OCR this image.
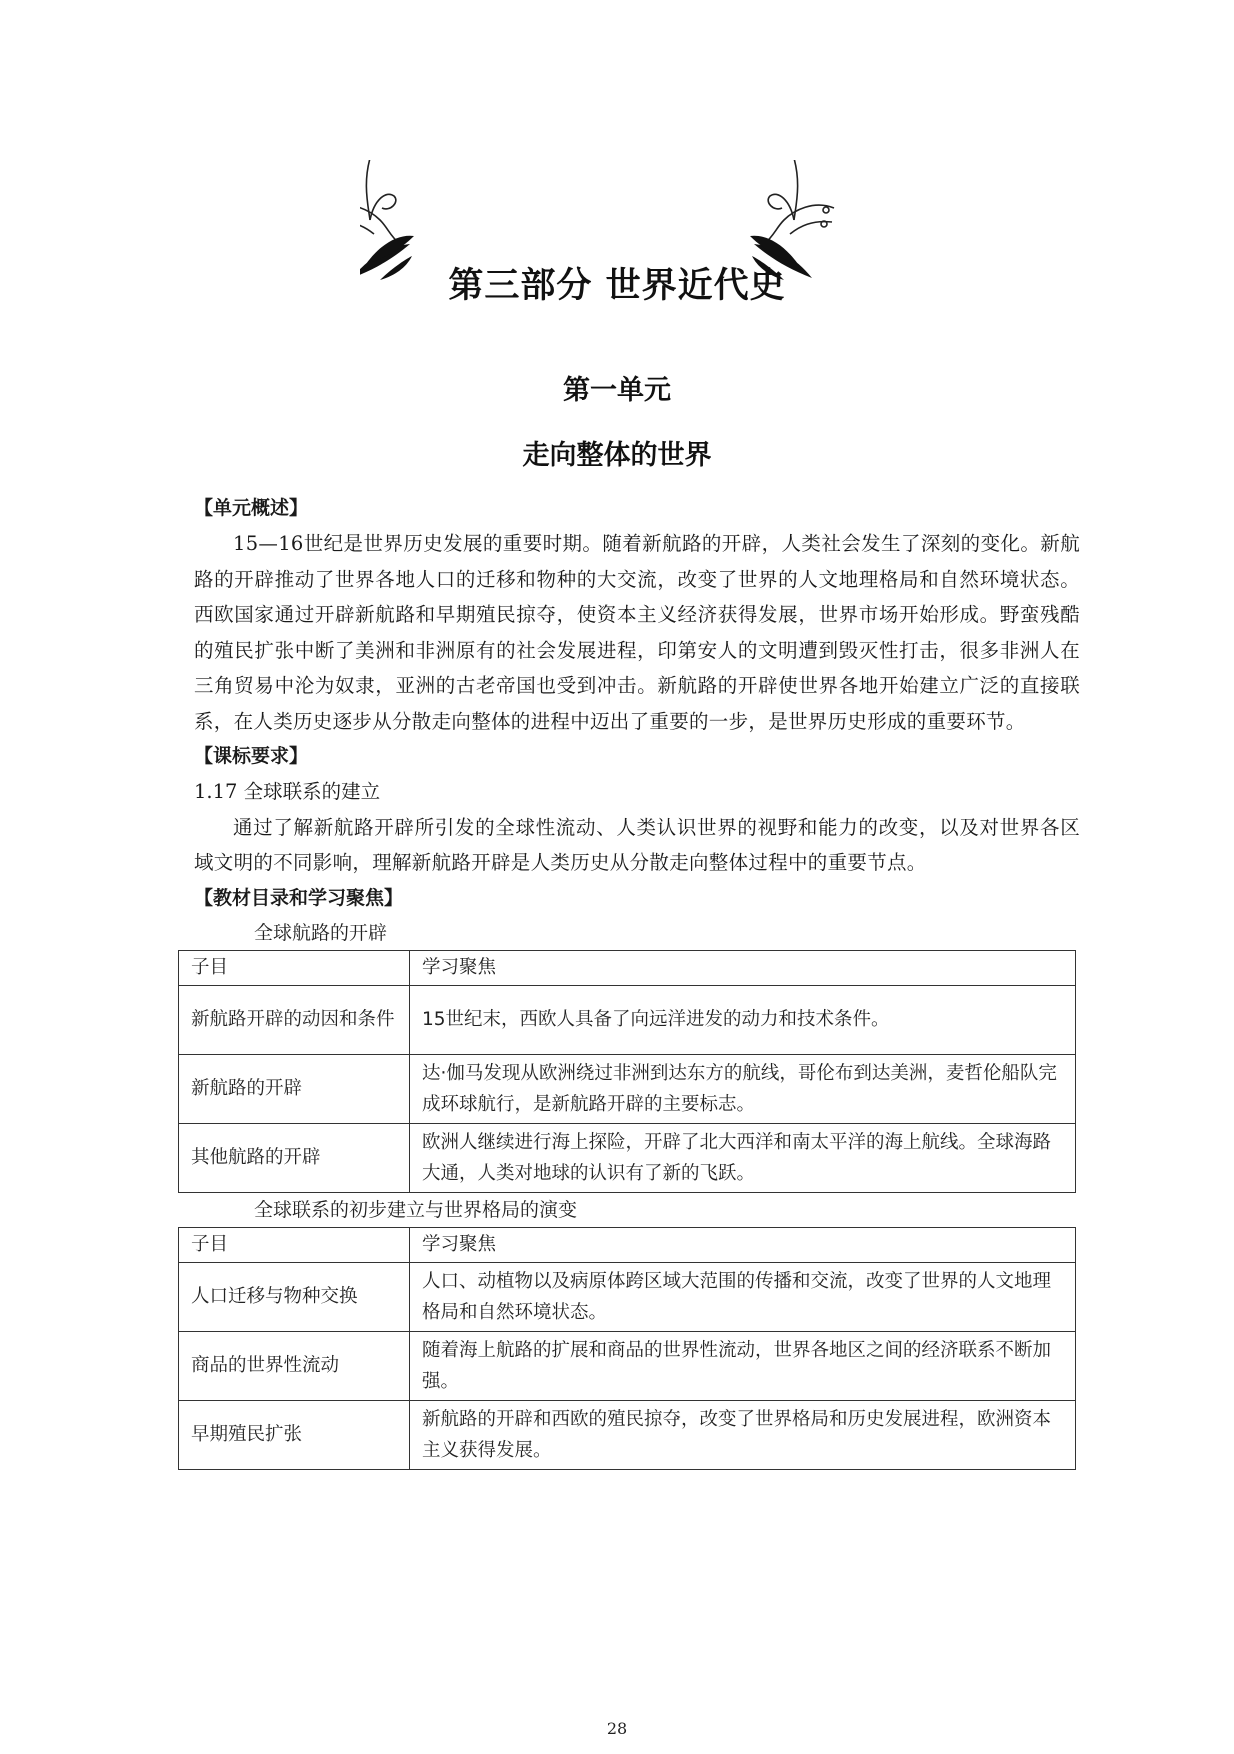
第三部分 世界近代史
第一单元
走向整体的世界

【单元概述】

15—16世纪是世界历史发展的重要时期。随着新航路的开辟，人类社会发生了深刻的变化。新航路的开辟推动了世界各地人口的迁移和物种的大交流，改变了世界的人文地理格局和自然环境状态。西欧国家通过开辟新航路和早期殖民掠夺，使资本主义经济获得发展，世界市场开始形成。野蛮残酷的殖民扩张中断了美洲和非洲原有的社会发展进程，印第安人的文明遭到毁灭性打击，很多非洲人在三角贸易中沦为奴隶，亚洲的古老帝国也受到冲击。新航路的开辟使世界各地开始建立广泛的直接联系，在人类历史逐步从分散走向整体的进程中迈出了重要的一步，是世界历史形成的重要环节。

【课标要求】

1.17 全球联系的建立

通过了解新航路开辟所引发的全球性流动、人类认识世界的视野和能力的改变，以及对世界各区域文明的不同影响，理解新航路开辟是人类历史从分散走向整体过程中的重要节点。

【教材目录和学习聚焦】

全球航路的开辟

子目	学习聚焦
新航路开辟的动因和条件	15世纪末，西欧人具备了向远洋进发的动力和技术条件。
新航路的开辟	达·伽马发现从欧洲绕过非洲到达东方的航线，哥伦布到达美洲，麦哲伦船队完成环球航行，是新航路开辟的主要标志。
其他航路的开辟	欧洲人继续进行海上探险，开辟了北大西洋和南太平洋的海上航线。全球海路大通，人类对地球的认识有了新的飞跃。

全球联系的初步建立与世界格局的演变

子目	学习聚焦
人口迁移与物种交换	人口、动植物以及病原体跨区域大范围的传播和交流，改变了世界的人文地理格局和自然环境状态。
商品的世界性流动	随着海上航路的扩展和商品的世界性流动，世界各地区之间的经济联系不断加强。
早期殖民扩张	新航路的开辟和西欧的殖民掠夺，改变了世界格局和历史发展进程，欧洲资本主义获得发展。
28
